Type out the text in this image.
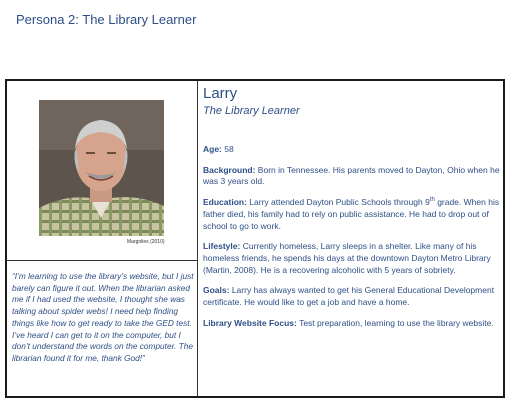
Persona 2: The Library Learner
Margolies (2010)
“I’m learning to use the library’s website, but I just barely can figure it out. When the librarian asked me if I had used the website, I thought she was talking about spider webs! I need help finding things like how to get ready to take the GED test. I’ve heard I can get to it on the computer, but I don’t understand the words on the computer. The librarian found it for me, thank God!”
Larry
The Library Learner

Age: 58

Background: Born in Tennessee. His parents moved to Dayton, Ohio when he was 3 years old.

Education: Larry attended Dayton Public Schools through 9th grade. When his father died, his family had to rely on public assistance. He had to drop out of school to go to work.

Lifestyle: Currently homeless, Larry sleeps in a shelter. Like many of his homeless friends, he spends his days at the downtown Dayton Metro Library (Martin, 2008). He is a recovering alcoholic with 5 years of sobriety.

Goals: Larry has always wanted to get his General Educational Development certificate. He would like to get a job and have a home.

Library Website Focus: Test preparation, learning to use the library website.
